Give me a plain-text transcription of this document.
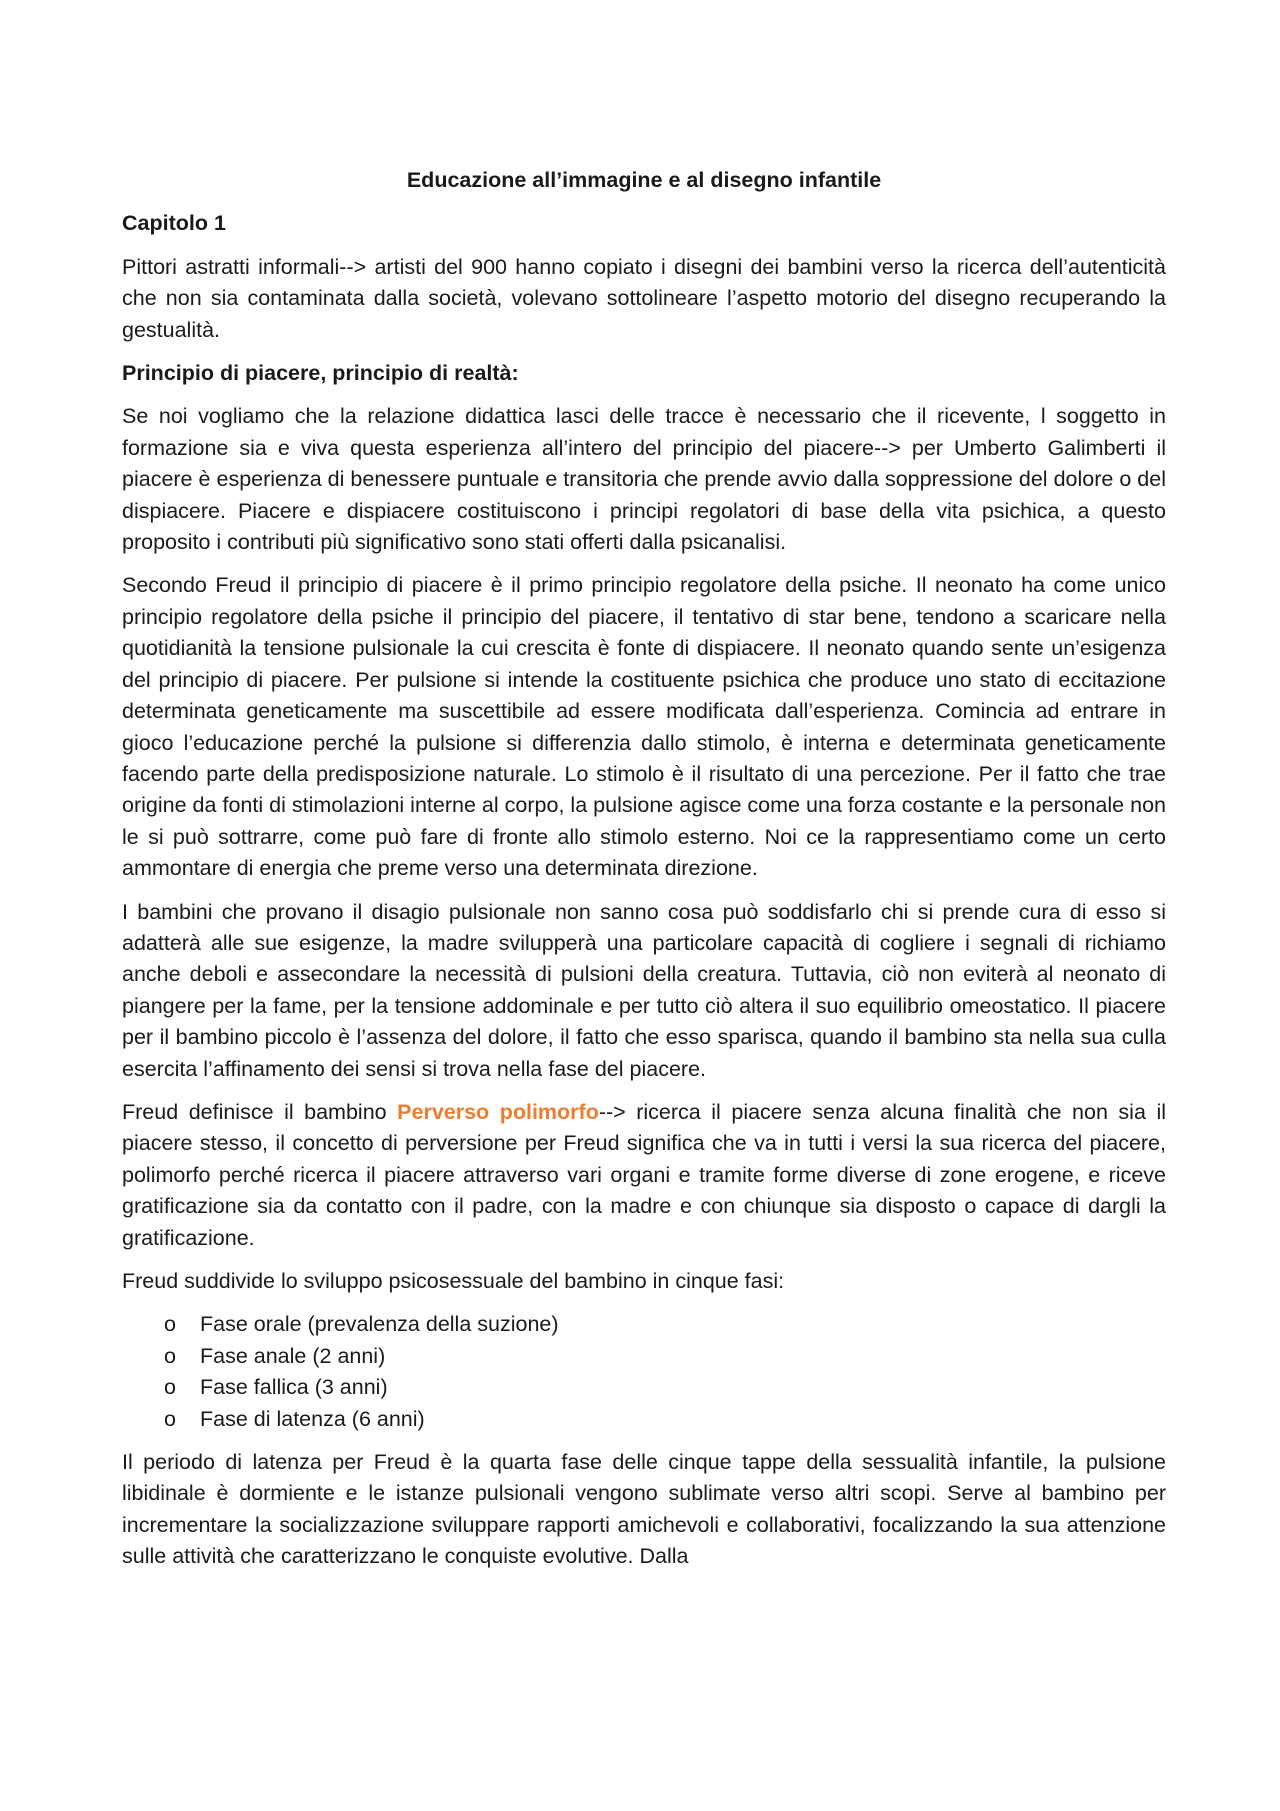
Educazione all’immagine e al disegno infantile

Capitolo 1

Pittori astratti informali--> artisti del 900 hanno copiato i disegni dei bambini verso la ricerca dell’autenticità che non sia contaminata dalla società, volevano sottolineare l’aspetto motorio del disegno recuperando la gestualità.

Principio di piacere, principio di realtà:

Se noi vogliamo che la relazione didattica lasci delle tracce è necessario che il ricevente, l soggetto in formazione sia e viva questa esperienza all’intero del principio del piacere--> per Umberto Galimberti il piacere è esperienza di benessere puntuale e transitoria che prende avvio dalla soppressione del dolore o del dispiacere. Piacere e dispiacere costituiscono i principi regolatori di base della vita psichica, a questo proposito i contributi più significativo sono stati offerti dalla psicanalisi.

Secondo Freud il principio di piacere è il primo principio regolatore della psiche. Il neonato ha come unico principio regolatore della psiche il principio del piacere, il tentativo di star bene, tendono a scaricare nella quotidianità la tensione pulsionale la cui crescita è fonte di dispiacere. Il neonato quando sente un’esigenza del principio di piacere. Per pulsione si intende la costituente psichica che produce uno stato di eccitazione determinata geneticamente ma suscettibile ad essere modificata dall’esperienza. Comincia ad entrare in gioco l’educazione perché la pulsione si differenzia dallo stimolo, è interna e determinata geneticamente facendo parte della predisposizione naturale. Lo stimolo è il risultato di una percezione. Per il fatto che trae origine da fonti di stimolazioni interne al corpo, la pulsione agisce come una forza costante e la personale non le si può sottrarre, come può fare di fronte allo stimolo esterno. Noi ce la rappresentiamo come un certo ammontare di energia che preme verso una determinata direzione.

I bambini che provano il disagio pulsionale non sanno cosa può soddisfarlo chi si prende cura di esso si adatterà alle sue esigenze, la madre svilupperà una particolare capacità di cogliere i segnali di richiamo anche deboli e assecondare la necessità di pulsioni della creatura. Tuttavia, ciò non eviterà al neonato di piangere per la fame, per la tensione addominale e per tutto ciò altera il suo equilibrio omeostatico. Il piacere per il bambino piccolo è l’assenza del dolore, il fatto che esso sparisca, quando il bambino sta nella sua culla esercita l’affinamento dei sensi si trova nella fase del piacere.

Freud definisce il bambino Perverso polimorfo--> ricerca il piacere senza alcuna finalità che non sia il piacere stesso, il concetto di perversione per Freud significa che va in tutti i versi la sua ricerca del piacere, polimorfo perché ricerca il piacere attraverso vari organi e tramite forme diverse di zone erogene, e riceve gratificazione sia da contatto con il padre, con la madre e con chiunque sia disposto o capace di dargli la gratificazione.

Freud suddivide lo sviluppo psicosessuale del bambino in cinque fasi:

o Fase orale (prevalenza della suzione)
o Fase anale (2 anni)
o Fase fallica (3 anni)
o Fase di latenza (6 anni)

Il periodo di latenza per Freud è la quarta fase delle cinque tappe della sessualità infantile, la pulsione libidinale è dormiente e le istanze pulsionali vengono sublimate verso altri scopi. Serve al bambino per incrementare la socializzazione sviluppare rapporti amichevoli e collaborativi, focalizzando la sua attenzione sulle attività che caratterizzano le conquiste evolutive. Dalla
